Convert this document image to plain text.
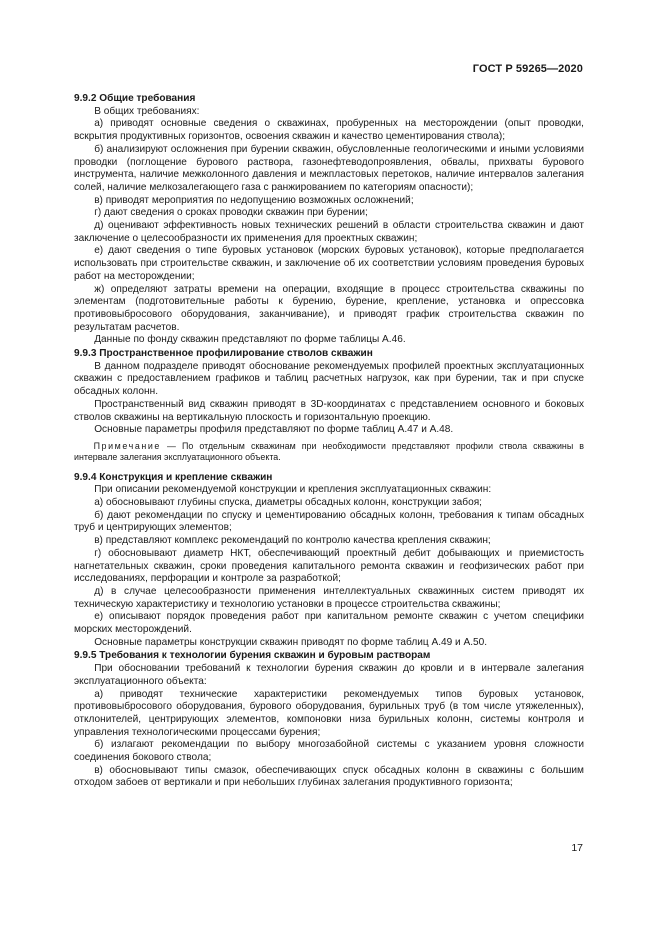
ГОСТ Р 59265—2020
9.9.2 Общие требования

В общих требованиях:

а) приводят основные сведения о скважинах, пробуренных на месторождении (опыт проводки, вскрытия продуктивных горизонтов, освоения скважин и качество цементирования ствола);

б) анализируют осложнения при бурении скважин, обусловленные геологическими и иными условиями проводки (поглощение бурового раствора, газонефтеводопроявления, обвалы, прихваты бурового инструмента, наличие межколонного давления и межпластовых перетоков, наличие интервалов залегания солей, наличие мелкозалегающего газа с ранжированием по категориям опасности);

в) приводят мероприятия по недопущению возможных осложнений;

г) дают сведения о сроках проводки скважин при бурении;

д) оценивают эффективность новых технических решений в области строительства скважин и дают заключение о целесообразности их применения для проектных скважин;

е) дают сведения о типе буровых установок (морских буровых установок), которые предполагается использовать при строительстве скважин, и заключение об их соответствии условиям проведения буровых работ на месторождении;

ж) определяют затраты времени на операции, входящие в процесс строительства скважины по элементам (подготовительные работы к бурению, бурение, крепление, установка и опрессовка противовыбросового оборудования, заканчивание), и приводят график строительства скважин по результатам расчетов.

Данные по фонду скважин представляют по форме таблицы А.46.

9.9.3 Пространственное профилирование стволов скважин

В данном подразделе приводят обоснование рекомендуемых профилей проектных эксплуатационных скважин с предоставлением графиков и таблиц расчетных нагрузок, как при бурении, так и при спуске обсадных колонн.

Пространственный вид скважин приводят в 3D-координатах с представлением основного и боковых стволов скважины на вертикальную плоскость и горизонтальную проекцию.

Основные параметры профиля представляют по форме таблиц А.47 и А.48.

Примечание — По отдельным скважинам при необходимости представляют профили ствола скважины в интервале залегания эксплуатационного объекта.

9.9.4 Конструкция и крепление скважин

При описании рекомендуемой конструкции и крепления эксплуатационных скважин:

а) обосновывают глубины спуска, диаметры обсадных колонн, конструкции забоя;

б) дают рекомендации по спуску и цементированию обсадных колонн, требования к типам обсадных труб и центрирующих элементов;

в) представляют комплекс рекомендаций по контролю качества крепления скважин;

г) обосновывают диаметр НКТ, обеспечивающий проектный дебит добывающих и приемистость нагнетательных скважин, сроки проведения капитального ремонта скважин и геофизических работ при исследованиях, перфорации и контроле за разработкой;

д) в случае целесообразности применения интеллектуальных скважинных систем приводят их техническую характеристику и технологию установки в процессе строительства скважины;

е) описывают порядок проведения работ при капитальном ремонте скважин с учетом специфики морских месторождений.

Основные параметры конструкции скважин приводят по форме таблиц А.49 и А.50.

9.9.5 Требования к технологии бурения скважин и буровым растворам

При обосновании требований к технологии бурения скважин до кровли и в интервале залегания эксплуатационного объекта:

а) приводят технические характеристики рекомендуемых типов буровых установок, противовыбросового оборудования, бурового оборудования, бурильных труб (в том числе утяжеленных), отклонителей, центрирующих элементов, компоновки низа бурильных колонн, системы контроля и управления технологическими процессами бурения;

б) излагают рекомендации по выбору многозабойной системы с указанием уровня сложности соединения бокового ствола;

в) обосновывают типы смазок, обеспечивающих спуск обсадных колонн в скважины с большим отходом забоев от вертикали и при небольших глубинах залегания продуктивного горизонта;

17
